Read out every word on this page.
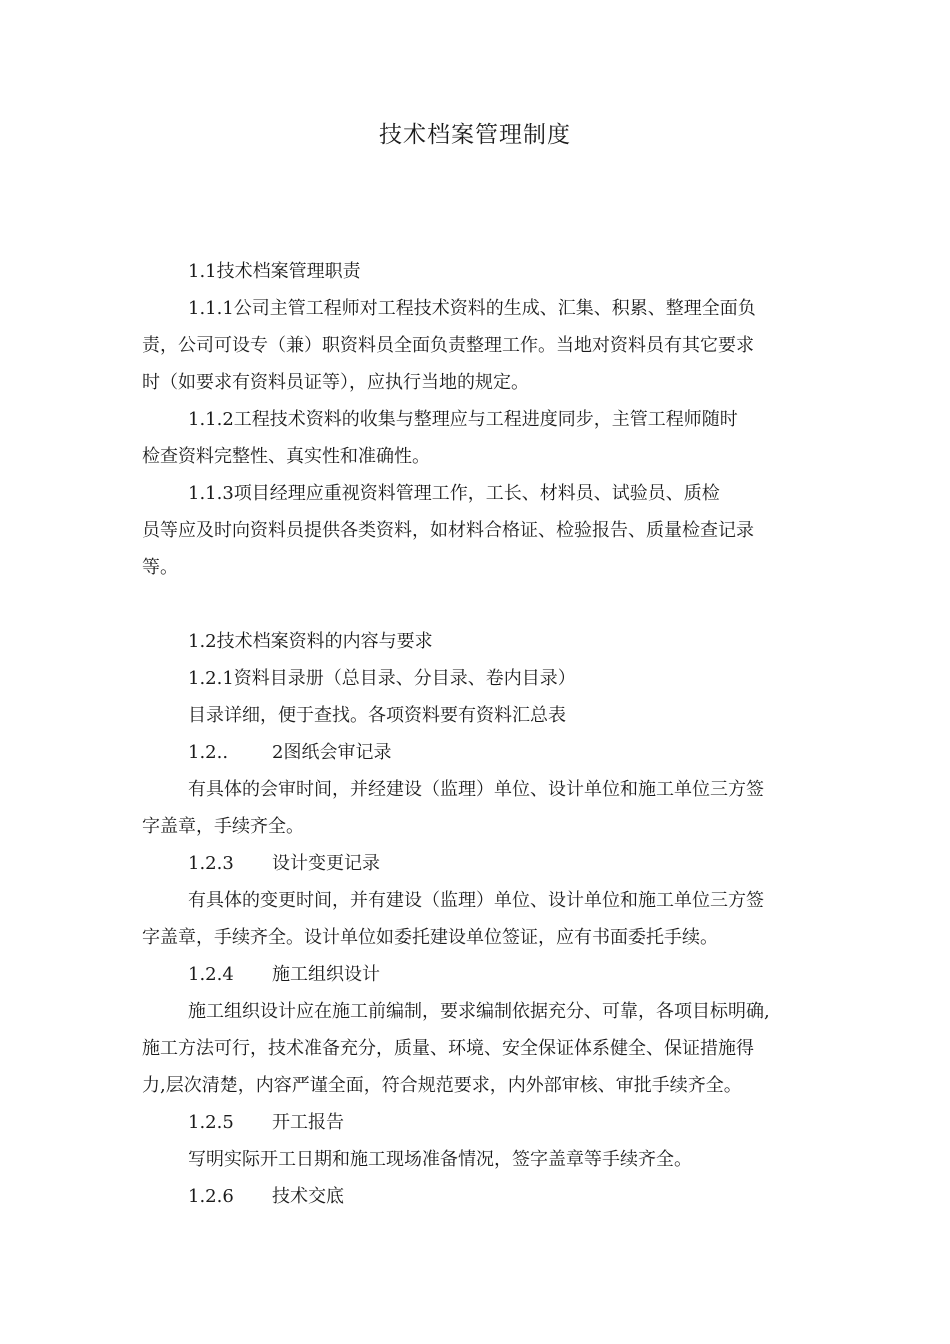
技术档案管理制度

1.1技术档案管理职责

1.1.1公司主管工程师对工程技术资料的生成、汇集、积累、整理全面负

责，公司可设专（兼）职资料员全面负责整理工作。当地对资料员有其它要求

时（如要求有资料员证等），应执行当地的规定。

1.1.2工程技术资料的收集与整理应与工程进度同步，主管工程师随时

检查资料完整性、真实性和准确性。

1.1.3项目经理应重视资料管理工作，工长、材料员、试验员、质检

员等应及时向资料员提供各类资料，如材料合格证、检验报告、质量检查记录

等。

1.2技术档案资料的内容与要求

1.2.1资料目录册（总目录、分目录、卷内目录）

目录详细，便于查找。各项资料要有资料汇总表

1.2.. 2图纸会审记录

有具体的会审时间，并经建设（监理）单位、设计单位和施工单位三方签

字盖章，手续齐全。

1.2.3 设计变更记录

有具体的变更时间，并有建设（监理）单位、设计单位和施工单位三方签

字盖章，手续齐全。设计单位如委托建设单位签证，应有书面委托手续。

1.2.4 施工组织设计

施工组织设计应在施工前编制，要求编制依据充分、可靠，各项目标明确,

施工方法可行，技术准备充分，质量、环境、安全保证体系健全、保证措施得

力,层次清楚，内容严谨全面，符合规范要求，内外部审核、审批手续齐全。

1.2.5 开工报告

写明实际开工日期和施工现场准备情况，签字盖章等手续齐全。

1.2.6 技术交底
